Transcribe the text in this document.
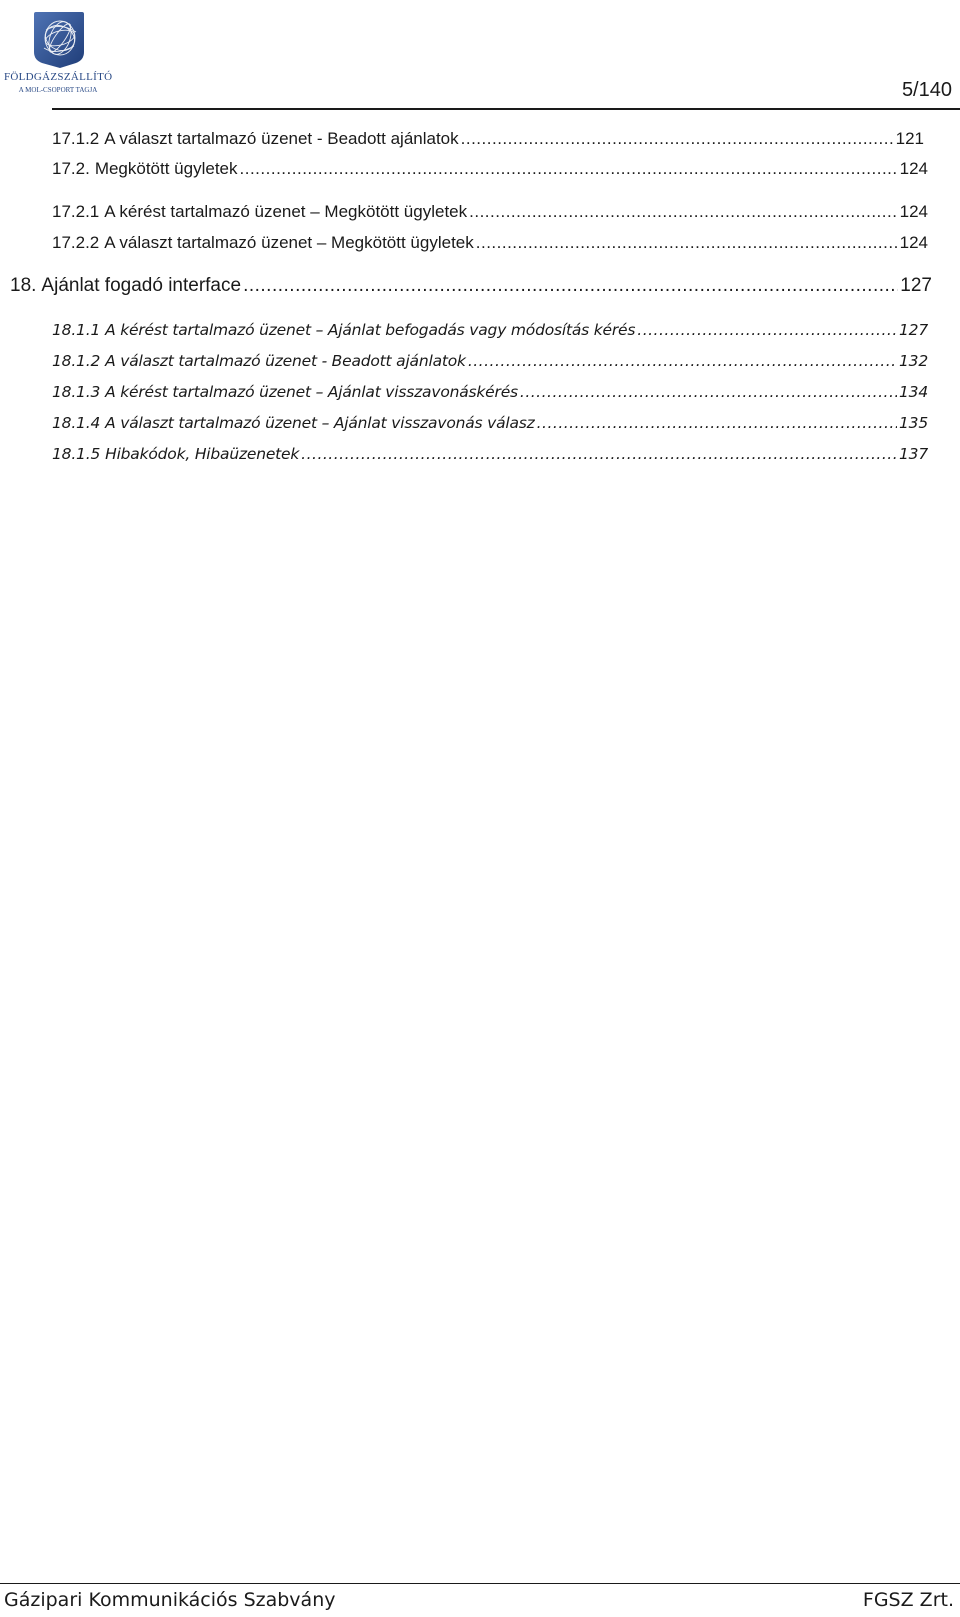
FÖLDGÁZSZÁLLÍTÓ
A MOL-CSOPORT TAGJA	5/140
17.1.2 A választ tartalmazó üzenet - Beadott ajánlatok .....	121
17.2. Megkötött ügyletek .....	124
17.2.1 A kérést tartalmazó üzenet – Megkötött ügyletek .....	124
17.2.2 A választ tartalmazó üzenet – Megkötött ügyletek .....	124
18. Ajánlat fogadó interface .....	127
18.1.1 A kérést tartalmazó üzenet – Ajánlat befogadás vagy módosítás kérés .....	127
18.1.2 A választ tartalmazó üzenet - Beadott ajánlatok .....	132
18.1.3 A kérést tartalmazó üzenet – Ajánlat visszavonáskérés .....	134
18.1.4 A választ tartalmazó üzenet – Ajánlat visszavonás válasz .....	135
18.1.5 Hibakódok, Hibaüzenetek .....	137
Gázipari Kommunikációs Szabvány	FGSZ Zrt.
